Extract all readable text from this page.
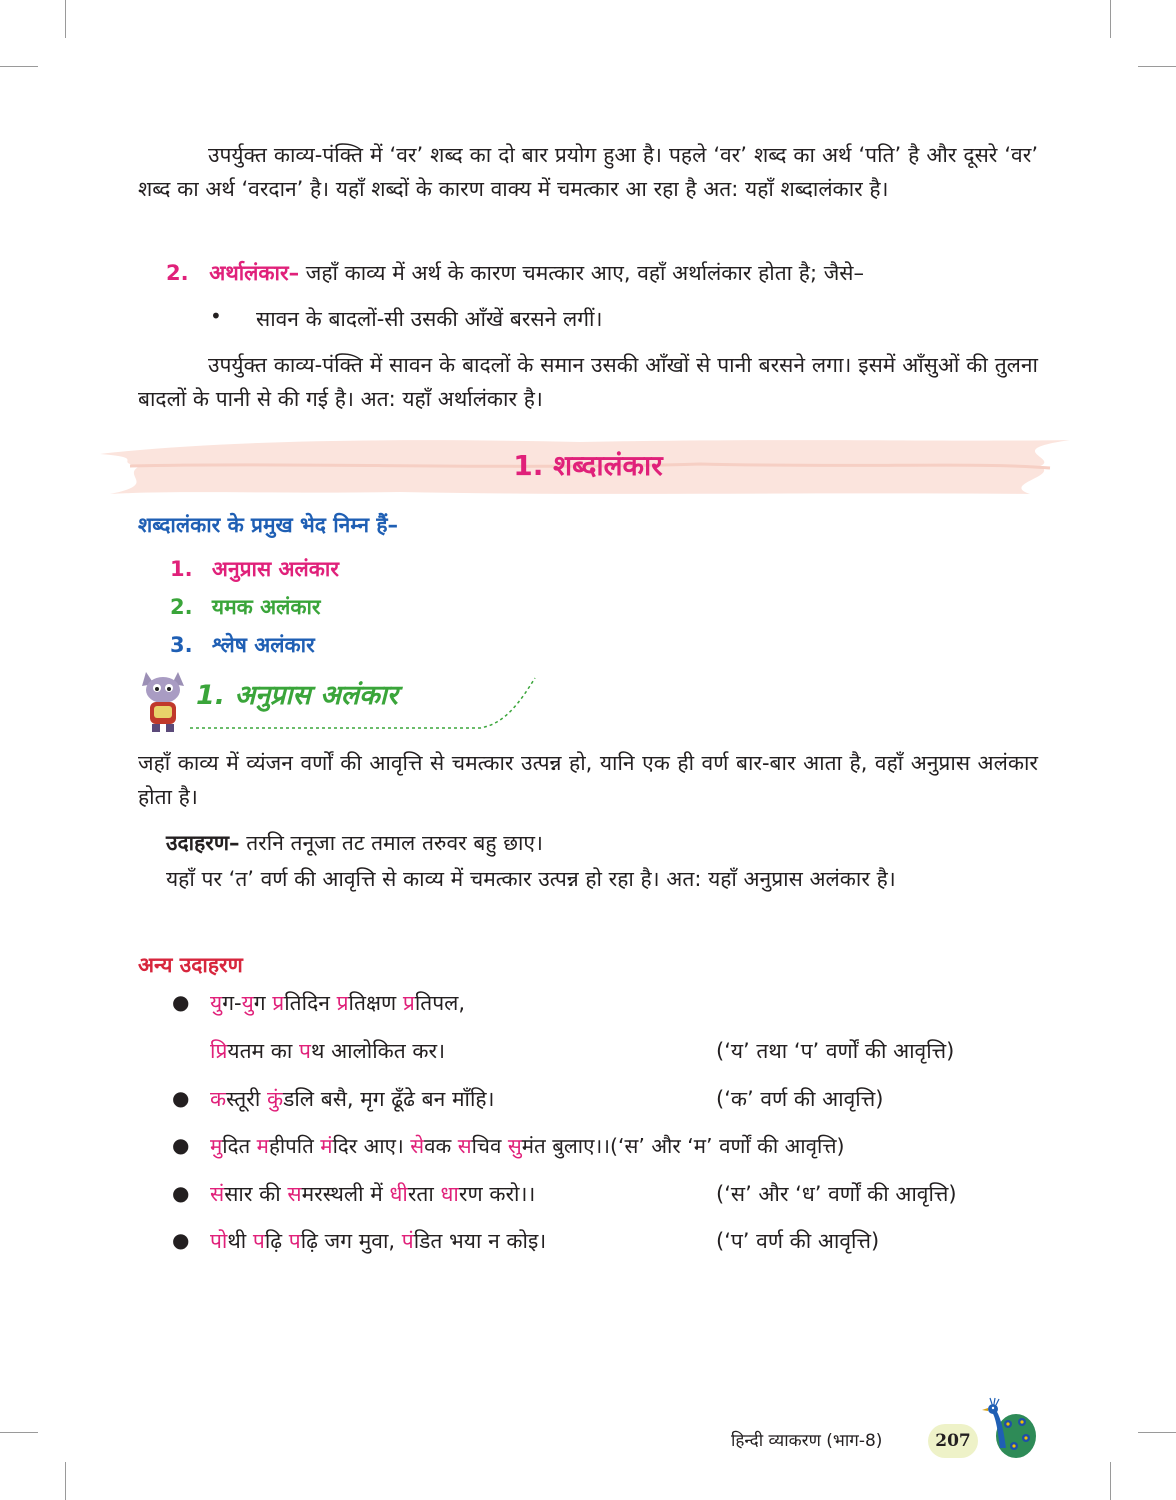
उपर्युक्त काव्य-पंक्ति में ‘वर’ शब्द का दो बार प्रयोग हुआ है। पहले ‘वर’ शब्द का अर्थ ‘पति’ है और दूसरे ‘वर’ शब्द का अर्थ ‘वरदान’ है। यहाँ शब्दों के कारण वाक्य में चमत्कार आ रहा है अत: यहाँ शब्दालंकार है।

2. अर्थालंकार– जहाँ काव्य में अर्थ के कारण चमत्कार आए, वहाँ अर्थालंकार होता है; जैसे–
• सावन के बादलों-सी उसकी आँखें बरसने लगीं।

उपर्युक्त काव्य-पंक्ति में सावन के बादलों के समान उसकी आँखों से पानी बरसने लगा। इसमें आँसुओं की तुलना बादलों के पानी से की गई है। अत: यहाँ अर्थालंकार है।

1. शब्दालंकार
शब्दालंकार के प्रमुख भेद निम्न हैं–
1. अनुप्रास अलंकार
2. यमक अलंकार
3. श्लेष अलंकार
1. अनुप्रास अलंकार

जहाँ काव्य में व्यंजन वर्णों की आवृत्ति से चमत्कार उत्पन्न हो, यानि एक ही वर्ण बार-बार आता है, वहाँ अनुप्रास अलंकार होता है।

उदाहरण– तरनि तनूजा तट तमाल तरुवर बहु छाए।

यहाँ पर ‘त’ वर्ण की आवृत्ति से काव्य में चमत्कार उत्पन्न हो रहा है। अत: यहाँ अनुप्रास अलंकार है।

अन्य उदाहरण
● युग-युग प्रतिदिन प्रतिक्षण प्रतिपल,
प्रियतम का पथ आलोकित कर।	(‘य’ तथा ‘प’ वर्णों की आवृत्ति)
● कस्तूरी कुंडलि बसै, मृग ढूँढे बन माँहि।	(‘क’ वर्ण की आवृत्ति)
● मुदित महीपति मंदिर आए। सेवक सचिव सुमंत बुलाए।।(‘स’ और ‘म’ वर्णों की आवृत्ति)
● संसार की समरस्थली में धीरता धारण करो।।	(‘स’ और ‘ध’ वर्णों की आवृत्ति)
● पोथी पढ़ि पढ़ि जग मुवा, पंडित भया न कोइ।	(‘प’ वर्ण की आवृत्ति)
हिन्दी व्याकरण (भाग-8)	207
